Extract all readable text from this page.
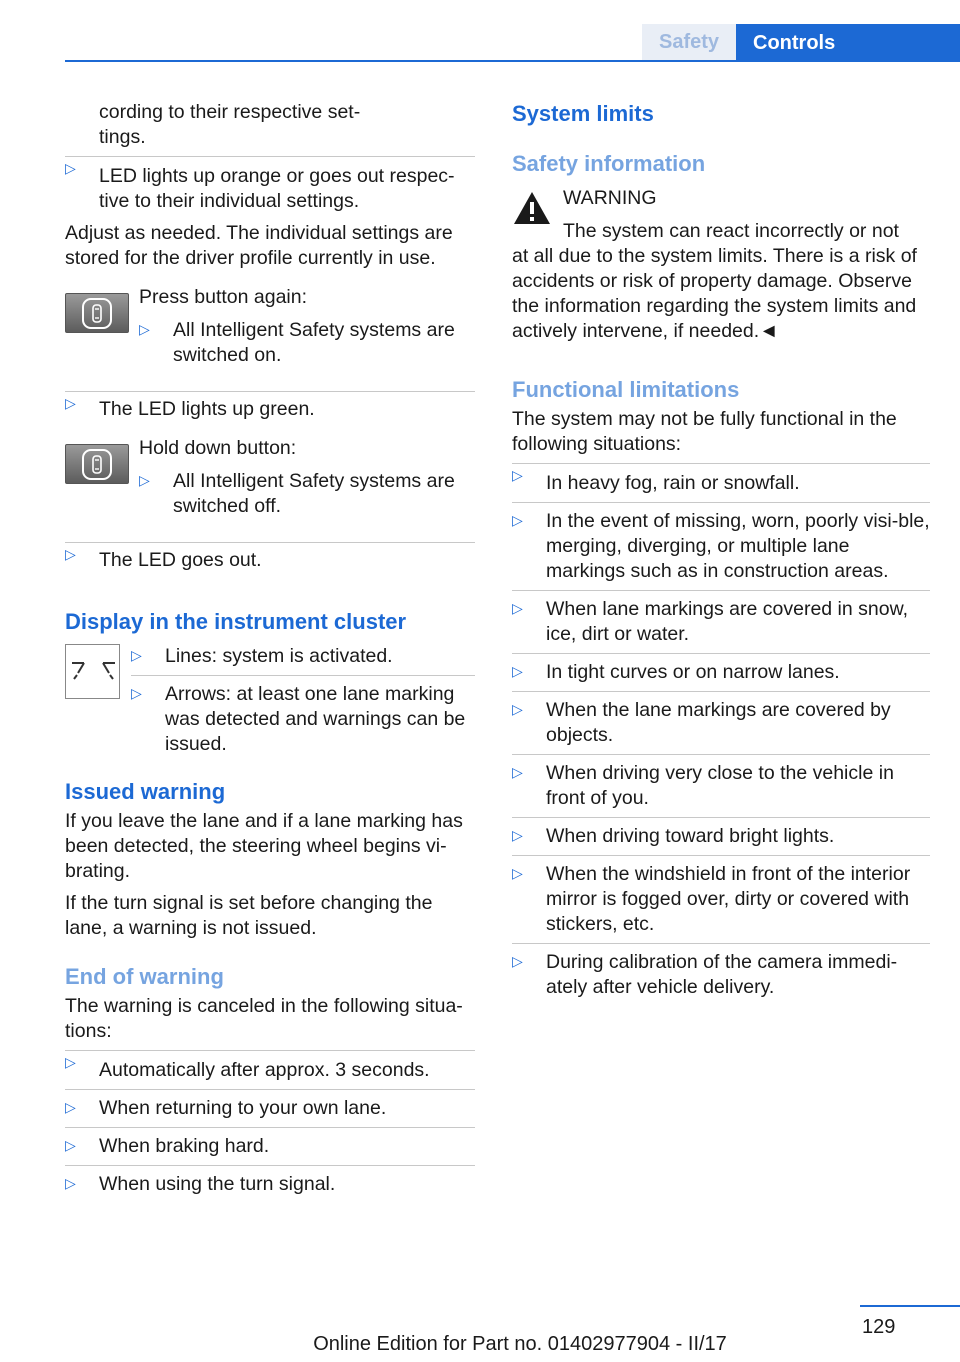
Safety	Controls

cording to their respective set-

tings.

▷ LED lights up orange or goes out respec-
tive to their individual settings.

Adjust as needed. The individual settings are stored for the driver profile currently in use.

Press button again:

▷ All Intelligent Safety systems are switched on.
▷ The LED lights up green.

Hold down button:

▷ All Intelligent Safety systems are switched off.
▷ The LED goes out.

Display in the instrument cluster

▷ Lines: system is activated.
▷ Arrows: at least one lane marking was detected and warnings can be issued.

Issued warning

If you leave the lane and if a lane marking has been detected, the steering wheel begins vi-brating.

If the turn signal is set before changing the lane, a warning is not issued.

End of warning

The warning is canceled in the following situa-tions:

▷ Automatically after approx. 3 seconds.
▷ When returning to your own lane.
▷ When braking hard.
▷ When using the turn signal.

System limits

Safety information

WARNING

The system can react incorrectly or not

at all due to the system limits. There is a risk of accidents or risk of property damage. Observe the information regarding the system limits and actively intervene, if needed.◄

Functional limitations

The system may not be fully functional in the following situations:

▷ In heavy fog, rain or snowfall.
▷ In the event of missing, worn, poorly visi-ble, merging, diverging, or multiple lane markings such as in construction areas.
▷ When lane markings are covered in snow, ice, dirt or water.
▷ In tight curves or on narrow lanes.
▷ When the lane markings are covered by objects.
▷ When driving very close to the vehicle in front of you.
▷ When driving toward bright lights.
▷ When the windshield in front of the interior mirror is fogged over, dirty or covered with stickers, etc.
▷ During calibration of the camera immedi-ately after vehicle delivery.
129
Online Edition for Part no. 01402977904 - II/17
